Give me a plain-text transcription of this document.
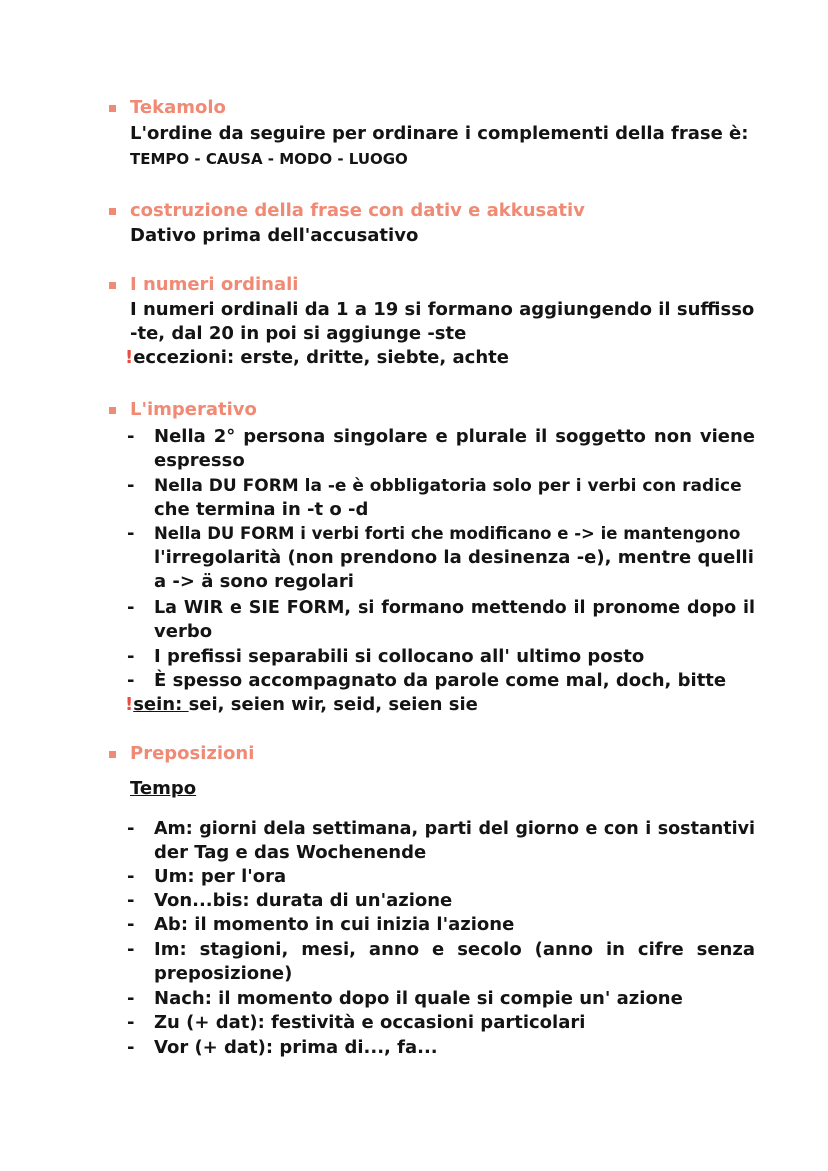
Tekamolo
L'ordine da seguire per ordinare i complementi della frase è:
TEMPO - CAUSA - MODO - LUOGO
costruzione della frase con dativ e akkusativ
Dativo prima dell'accusativo
I numeri ordinali
I numeri ordinali da 1 a 19 si formano aggiungendo il suffisso
-te, dal 20 in poi si aggiunge -ste
!eccezioni: erste, dritte, siebte, achte
L'imperativo
- Nella 2° persona singolare e plurale il soggetto non viene
espresso
- Nella DU FORM la -e è obbligatoria solo per i verbi con radice
che termina in -t o -d
- Nella DU FORM i verbi forti che modificano e -> ie mantengono
l'irregolarità (non prendono la desinenza -e), mentre quelli
a -> ä sono regolari
- La WIR e SIE FORM, si formano mettendo il pronome dopo il
verbo
- I prefissi separabili si collocano all' ultimo posto
- È spesso accompagnato da parole come mal, doch, bitte
!sein: sei, seien wir, seid, seien sie
Preposizioni
Tempo
- Am: giorni dela settimana, parti del giorno e con i sostantivi
der Tag e das Wochenende
- Um: per l'ora
- Von...bis: durata di un'azione
- Ab: il momento in cui inizia l'azione
- Im: stagioni, mesi, anno e secolo (anno in cifre senza
preposizione)
- Nach: il momento dopo il quale si compie un' azione
- Zu (+ dat): festività e occasioni particolari
- Vor (+ dat): prima di..., fa...
